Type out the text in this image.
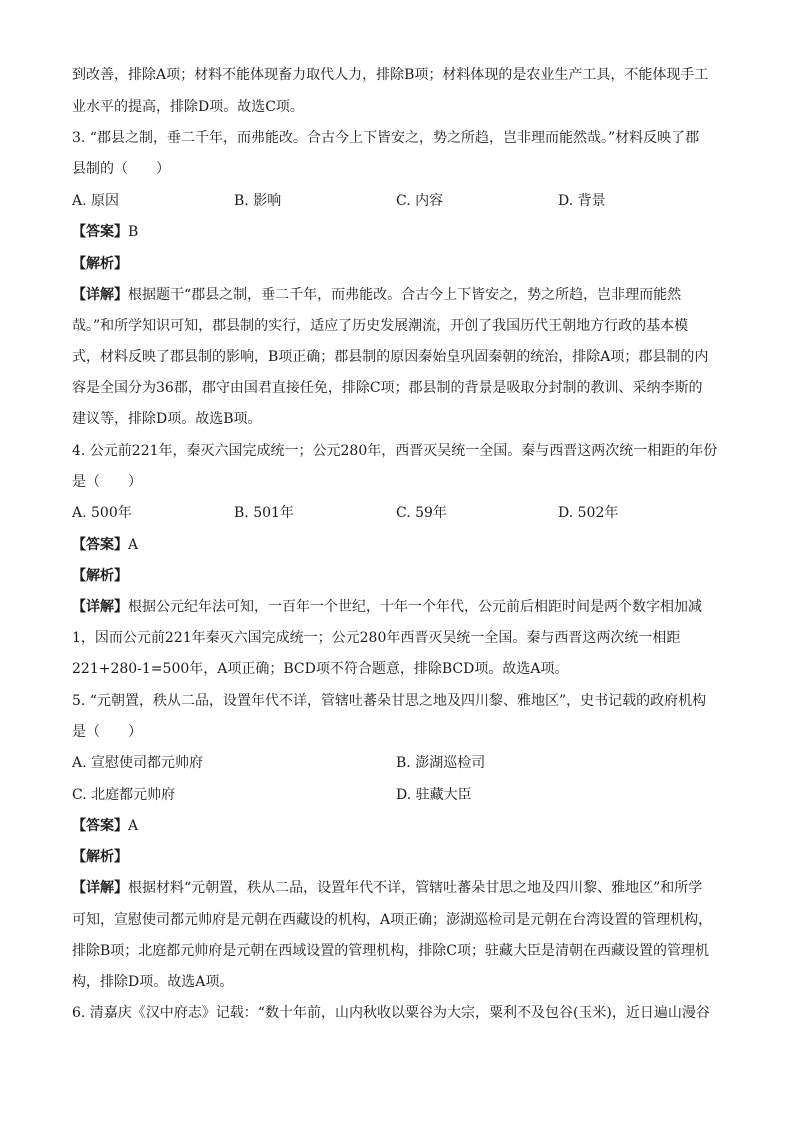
到改善，排除A项；材料不能体现畜力取代人力，排除B项；材料体现的是农业生产工具，不能体现手工
业水平的提高，排除D项。故选C项。
3. “郡县之制，垂二千年，而弗能改。合古今上下皆安之，势之所趋，岂非理而能然哉。”材料反映了郡
县制的（　　）
A. 原因	B. 影响	C. 内容	D. 背景
【答案】B
【解析】
【详解】根据题干“郡县之制，垂二千年，而弗能改。合古今上下皆安之，势之所趋，岂非理而能然
哉。”和所学知识可知，郡县制的实行，适应了历史发展潮流，开创了我国历代王朝地方行政的基本模
式，材料反映了郡县制的影响，B项正确；郡县制的原因秦始皇巩固秦朝的统治，排除A项；郡县制的内
容是全国分为36郡，郡守由国君直接任免，排除C项；郡县制的背景是吸取分封制的教训、采纳李斯的
建议等，排除D项。故选B项。
4. 公元前221年，秦灭六国完成统一；公元280年，西晋灭吴统一全国。秦与西晋这两次统一相距的年份
是（　　）
A. 500年	B. 501年	C. 59年	D. 502年
【答案】A
【解析】
【详解】根据公元纪年法可知，一百年一个世纪，十年一个年代，公元前后相距时间是两个数字相加减
1，因而公元前221年秦灭六国完成统一；公元280年西晋灭吴统一全国。秦与西晋这两次统一相距
221+280-1=500年，A项正确；BCD项不符合题意，排除BCD项。故选A项。
5. “元朝置，秩从二品，设置年代不详，管辖吐蕃朵甘思之地及四川黎、雅地区”，史书记载的政府机构
是（　　）
A. 宣慰使司都元帅府	B. 澎湖巡检司
C. 北庭都元帅府	D. 驻藏大臣
【答案】A
【解析】
【详解】根据材料“元朝置，秩从二品，设置年代不详，管辖吐蕃朵甘思之地及四川黎、雅地区”和所学
可知，宣慰使司都元帅府是元朝在西藏设的机构，A项正确；澎湖巡检司是元朝在台湾设置的管理机构，
排除B项；北庭都元帅府是元朝在西域设置的管理机构，排除C项；驻藏大臣是清朝在西藏设置的管理机
构，排除D项。故选A项。
6. 清嘉庆《汉中府志》记载：“数十年前，山内秋收以粟谷为大宗，粟利不及包谷(玉米)，近日遍山漫谷
